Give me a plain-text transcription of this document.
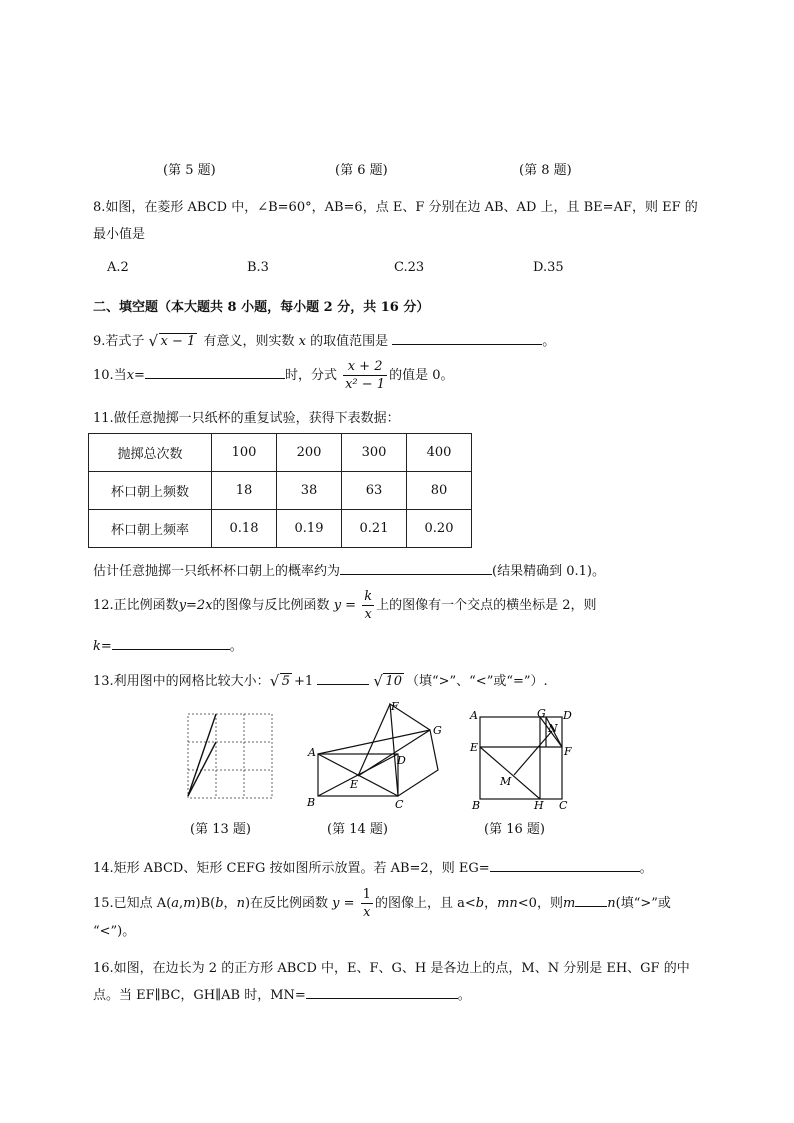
(第 5 题)	(第 6 题)	(第 8 题)
8.如图，在菱形 ABCD 中，∠B=60°，AB=6，点 E、F 分别在边 AB、AD 上，且 BE=AF，则 EF 的
最小值是
A.2	B.3	C.23	D.35
二、填空题（本大题共 8 小题，每小题 2 分，共 16 分）
9.若式子 √ x − 1 有意义，则实数 x 的取值范围是	。
10.当x=	时，分式 $\frac{x + 2}{\text{x² − 1}}$ 的值是 0。
11.做任意抛掷一只纸杯的重复试验，获得下表数据：
抛掷总次数	100	200	300	400
杯口朝上频数	18	38	63	80
杯口朝上频率	0.18	0.19	0.21	0.20
估计任意抛掷一只纸杯杯口朝上的概率约为	(结果精确到 0.1)。
12.正比例函数y=2x的图像与反比例函数 $y = \frac{k}{x}$ 上的图像有一个交点的横坐标是 2，则
k=	。
13.利用图中的网格比较大小： √ 5 +1	√ 10 （填“>”、“<”或“=”）.
F
G
A
D
E
B	C
A	G D
N
E	F
M
B	H C
(第 13 题)	(第 14 题)	(第 16 题)
14.矩形 ABCD、矩形 CEFG 按如图所示放置。若 AB=2，则 EG=	。
15.已知点 A(a,m)B(b，n)在反比例函数 $y = \frac{1}{x}$ 的图像上，且 a<b，mn<0，则m n(填“>”或
“<”)。
16.如图，在边长为 2 的正方形 ABCD 中，E、F、G、H 是各边上的点，M、N 分别是 EH、GF 的中
点。当 EF∥BC，GH∥AB 时，MN=	。
